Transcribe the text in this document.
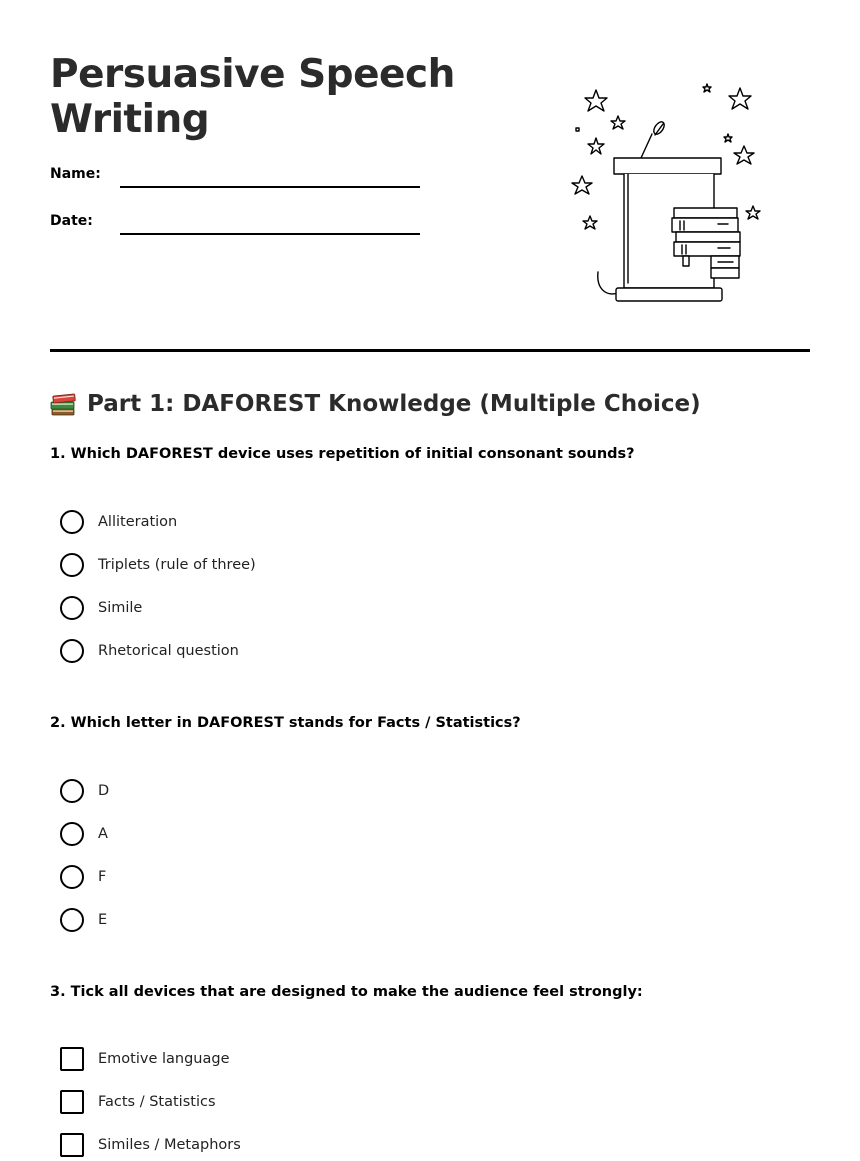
Persuasive Speech
Writing
Name:
Date:
Part 1: DAFOREST Knowledge (Multiple Choice)
1. Which DAFOREST device uses repetition of initial consonant sounds?
Alliteration
Triplets (rule of three)
Simile
Rhetorical question
2. Which letter in DAFOREST stands for Facts / Statistics?
D
A
F
E
3. Tick all devices that are designed to make the audience feel strongly:
Emotive language
Facts / Statistics
Similes / Metaphors
